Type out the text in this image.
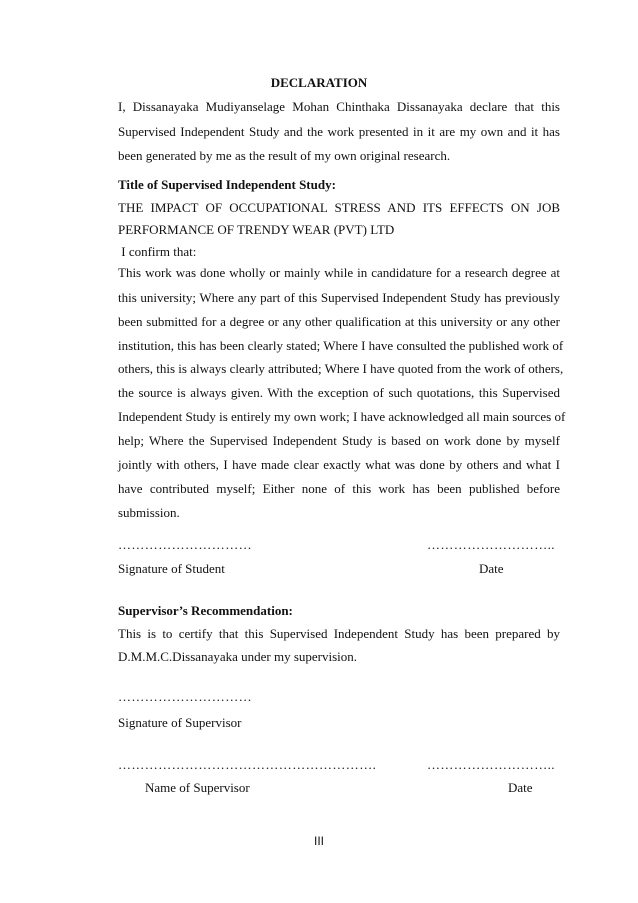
DECLARATION

I, Dissanayaka Mudiyanselage Mohan Chinthaka Dissanayaka declare that this

Supervised Independent Study and the work presented in it are my own and it has

been generated by me as the result of my own original research.

Title of Supervised Independent Study:

THE IMPACT OF OCCUPATIONAL STRESS AND ITS EFFECTS ON JOB

PERFORMANCE OF TRENDY WEAR (PVT) LTD

I confirm that:

This work was done wholly or mainly while in candidature for a research degree at

this university; Where any part of this Supervised Independent Study has previously

been submitted for a degree or any other qualification at this university or any other

institution, this has been clearly stated; Where I have consulted the published work of

others, this is always clearly attributed; Where I have quoted from the work of others,

the source is always given. With the exception of such quotations, this Supervised

Independent Study is entirely my own work; I have acknowledged all main sources of

help; Where the Supervised Independent Study is based on work done by myself

jointly with others, I have made clear exactly what was done by others and what I

have contributed myself; Either none of this work has been published before

submission.

…………………………	………………………..

Signature of Student	Date

Supervisor’s Recommendation:

This is to certify that this Supervised Independent Study has been prepared by

D.M.M.C.Dissanayaka under my supervision.

…………………………

Signature of Supervisor

………………………………………………….	………………………..

Name of Supervisor	Date

III
